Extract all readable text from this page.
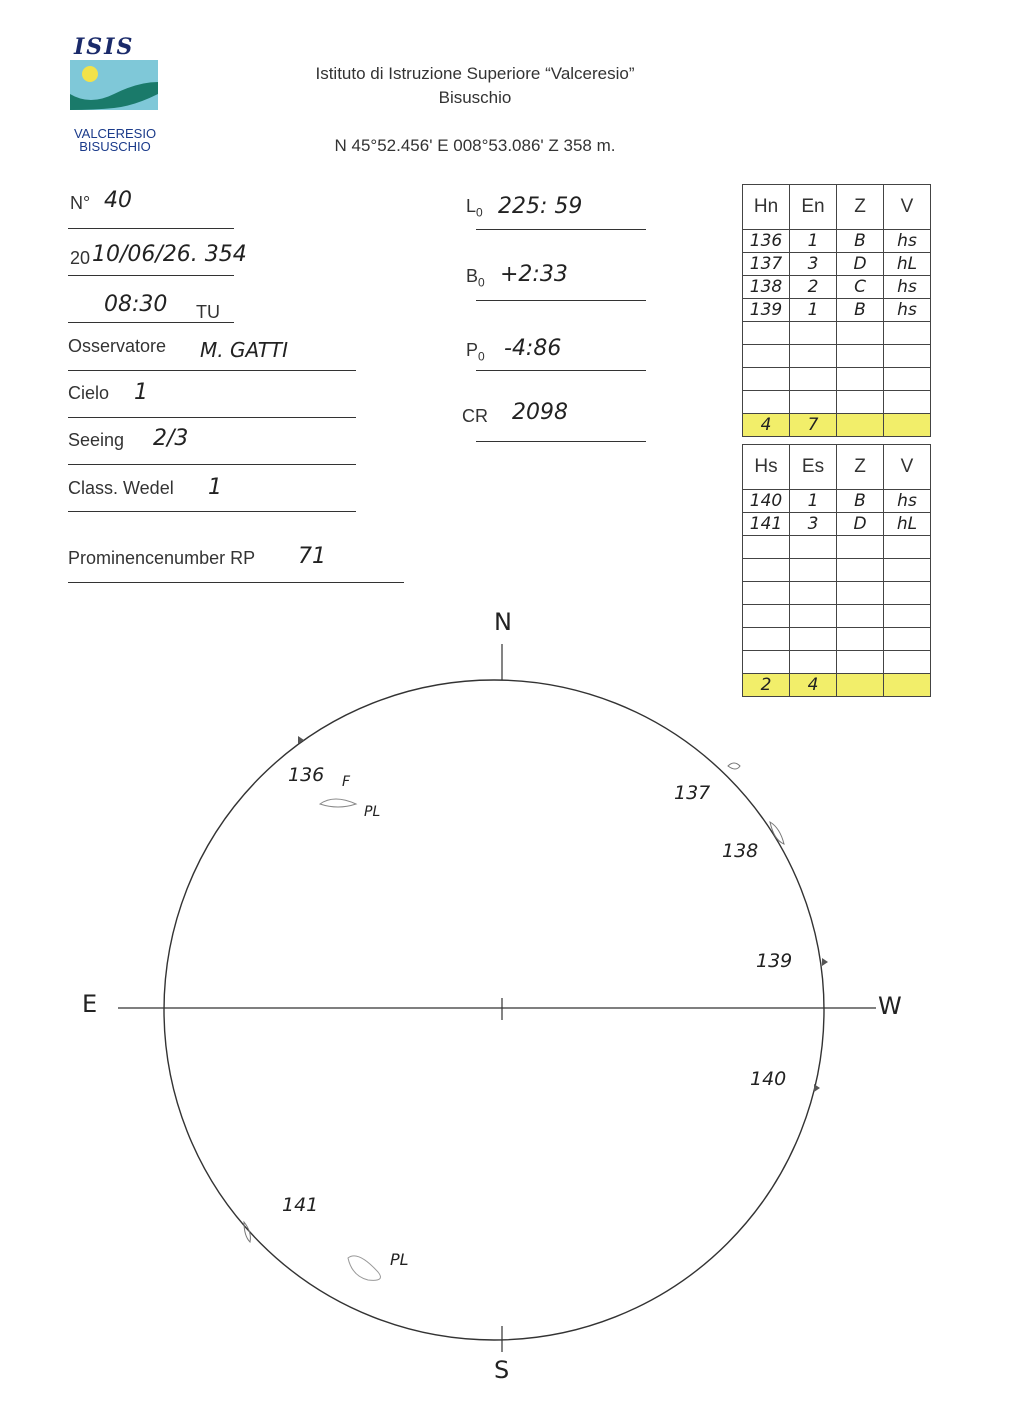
ISIS
VALCERESIO
BISUSCHIO
Istituto di Istruzione Superiore “Valceresio”
Bisuschio
N 45°52.456' E 008°53.086' Z 358 m.
N° 40
20 10/06/26. 354
08:30 TU
Osservatore M. GATTI
Cielo 1
Seeing 2/3
Class. Wedel 1
Prominencenumber RP 71
$L_0$ 225: 59
$B_0$ +2:33
$P_0$ -4:86
CR 2098
Hn	En	Z	V
136	1	B	hs
137	3	D	hL
138	2	C	hs
139	1	B	hs

4	7		
Hs	Es	Z	V
140	1	B	hs
141	3	D	hL

2	4		
N
S
E	W
136 F
PL
137
138
139
140
141
PL
